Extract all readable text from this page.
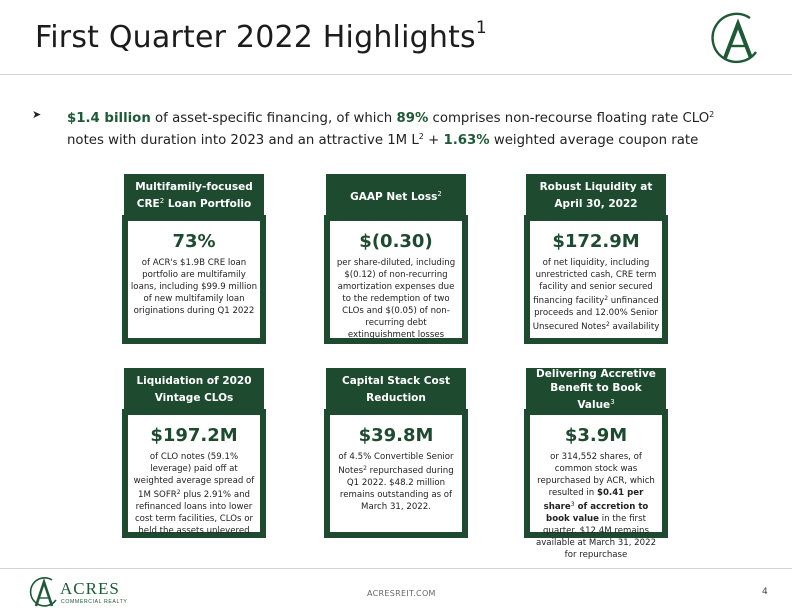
First Quarter 2022 Highlights$^1$
➤ $1.4 billion of asset-specific financing, of which 89% comprises non-recourse floating rate CLO$^2$ notes with duration into 2023 and an attractive 1M $L^2 + 1.63\%$ weighted average coupon rate
Multifamily-focused CRE$^2$ Loan Portfolio
73%
of ACR's $1.9B CRE loan portfolio are multifamily loans, including $99.9 million of new multifamily loan originations during Q1 2022
GAAP Net Loss$^2$
$(0.30)
per share-diluted, including $(0.12) of non-recurring amortization expenses due to the redemption of two CLOs and $(0.05) of non-recurring debt extinguishment losses
Robust Liquidity at April 30, 2022
$172.9M
of net liquidity, including unrestricted cash, CRE term facility and senior secured financing facility$^2$ unfinanced proceeds and 12.00% Senior Unsecured Notes$^2$ availability
Liquidation of 2020 Vintage CLOs
$197.2M
of CLO notes (59.1% leverage) paid off at weighted average spread of 1M SOFR$^2$ plus 2.91% and refinanced loans into lower cost term facilities, CLOs or held the assets unlevered
Capital Stack Cost Reduction
$39.8M
of 4.5% Convertible Senior Notes$^2$ repurchased during Q1 2022. $48.2 million remains outstanding as of March 31, 2022.
Delivering Accretive Benefit to Book Value$^3$
$3.9M
or 314,552 shares, of common stock was repurchased by ACR, which resulted in $0.41 per share$^3$ of accretion to book value in the first quarter. $12.4M remains available at March 31, 2022 for repurchase
ACRES
COMMERCIAL REALTY
ACRESREIT.COM	4
